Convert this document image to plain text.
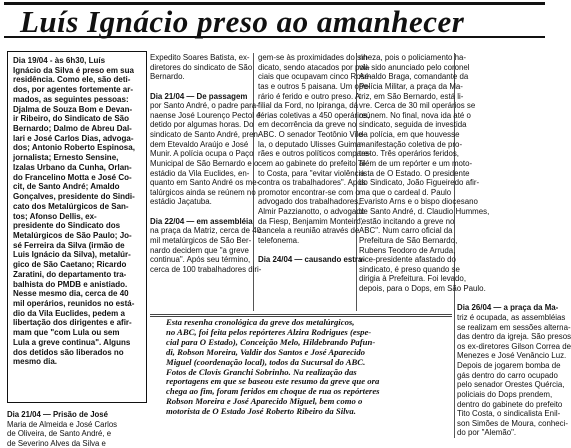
Luís Ignácio preso ao amanhecer
Dia 19/04 - às 6h30, Luís
Ignácio da Silva é preso em sua
residência. Como ele, são deti-
dos, por agentes fortemente ar-
mados, as seguintes pessoas:
Djalma de Souza Bom e Devan-
ir Ribeiro, do Sindicato de São
Bernardo; Dalmo de Abreu Dal-
lari e José Carlos Dias, advoga-
dos; Antonio Roberto Espinosa,
jornalista; Ernesto Sensine,
Izalas Urbano da Cunha, Orlan-
do Francelino Motta e José Co-
cit, de Santo André; Amaldo
Gonçalves, presidente do Sindi-
cato dos Metalúrgicos de San-
tos; Afonso Dellis, ex-
presidente do Sindicato dos
Metalúrgicos de São Paulo; Jo-
sé Ferreira da Silva (irmão de
Luis Ignácio da Silva), metalúr-
gico de São Caetano; Ricardo
Zaratini, do departamento tra-
balhista do PMDB e anistiado.
Nesse mesmo dia, cerca de 40
mil operários, reunidos no está-
dio da Vila Euclides, pedem a
libertação dos dirigentes e afir-
mam que "com Lula ou sem
Lula a greve continua". Alguns
dos detidos são liberados no
mesmo dia.
Dia 21/04 — Prisão de José
Maria de Almeida e José Carlos
de Oliveira, de Santo André, e
de Severino Alves da Silva e
Expedito Soares Batista, ex-
diretores do sindicato de São
Bernardo.

Dia 21/04 — De passagem
por Santo André, o padre para-
naense José Lourenço Pectol é
detido por algumas horas. Do
sindicato de Santo André, pren-
dem Etevaldo Araújo e José
Munir. A polícia ocupa o Paço
Municipal de São Bernardo e o
estádio da Vila Euclides, en-
quanto em Santo André os me-
talúrgicos ainda se reúnem no
estádio Jaçatuba.

Dia 22/04 — em assembléia
na praça da Matriz, cerca de 40
mil metalúrgicos de São Ber-
nardo decidem que "a greve
continua". Após seu término,
cerca de 100 trabalhadores diri-
gem-se às proximidades do sin-
dicato, sendo atacados por poli-
ciais que ocupavam cinco Rosé-
tas e outros 5 paisana. Um ope-
rário é ferido e outro preso. A
filial da Ford, no Ipiranga, dá
férias coletivas a 450 operários,
em decorrência da greve no
ABC. O senador Teotônio Vile-
la, o deputado Ulisses Guima-
rães e outros políticos compare-
cem ao gabinete do prefeito Ti-
to Costa, para "evitar violência
contra os trabalhadores". Após
promotor encontrar-se com o
advogado dos trabalhadores,
Almir Pazzianotto, o advogado
da Fiesp, Benjamim Monteiro,
cancela a reunião através de
telefonema.

Dia 24/04 — causando estra-
nheza, pois o policiamento ha-
via sido anunciado pelo coronel
Arnaldo Braga, comandante da
Polícia Militar, a praça da Ma-
triz, em São Bernardo, está li-
vre. Cerca de 30 mil operários se
reúnem. No final, nova ida até o
sindicato, seguida de investida
da polícia, em que houvesse
manifestação coletiva de pro-
testo. Três operários feridos,
além de um repórter e um moto-
rista de O Estado. O presidente
do Sindicato, João Figueiredo afir-
ma que o cardeal d. Paulo
Evaristo Arns e o bispo diocesano
de Santo André, d. Claudio Hummes,
"estão incitando a greve no
ABC". Num carro oficial da
Prefeitura de São Bernardo,
Rubens Teodoro de Arruda,
vice-presidente afastado do
sindicato, é preso quando se
dirigia à Prefeitura. Foi levado,
depois, para o Dops, em São Paulo.

Dia 26/04 — a praça da Ma-
triz é ocupada, as assembléias
se realizam em sessões alterna-
das dentro da igreja. São presos
os ex-diretores Gilson Correa de
Menezes e José Venâncio Luz.
Depois de jogarem bomba de
gás dentro do carro ocupado
pelo senador Orestes Quércia,
policiais do Dops prendem,
dentro do gabinete do prefeito
Tito Costa, o sindicalista Enil-
son Simões de Moura, conheci-
do por "Alemão".
Esta resenha cronológica da greve dos metalúrgicos,
no ABC, foi feita pelos repórteres Alzira Rodrigues (espe-
cial para O Estado), Conceição Melo, Hildebrando Pafun-
di, Robson Moreira, Valdir dos Santos e José Aparecido
Miguel (coordenação local), todos da Sucursal do ABC.
Fotos de Clovis Granchi Sobrinho. Na realização das
reportagens em que se baseou este resumo da greve que ora
chega ao fim, foram feridos em choque de rua os repórteres
Robson Moreira e José Aparecido Miguel, bem como o
motorista de O Estado José Roberto Ribeiro da Silva.
